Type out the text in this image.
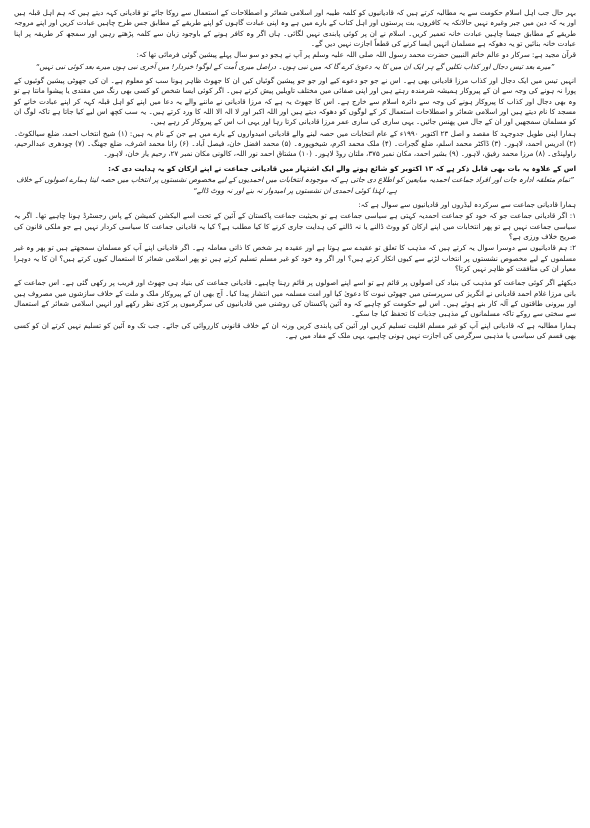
بہر حال جب اہل اسلام حکومت سے یہ مطالبہ کرتے ہیں کہ قادیانیوں کو کلمہ طیبہ اور اسلامی شعائر و اصطلاحات کے استعمال سے روکا جائے تو قادیانی کہہ دیتے ہیں کہ ہم اہل قبلہ ہیں اور یہ کہ دین میں جبر وغیرہ نہیں حالانکہ یہ کافروں، بت پرستوں اور اہل کتاب کے بارے میں ہے وہ اپنی عبادت گاہوں کو اپنے طریقے کے مطابق جس طرح چاہیں عبادت کریں اور اپنے مروجہ طریقے کے مطابق جیسا چاہیں عبادت خانہ تعمیر کریں۔ اسلام نے ان پر کوئی پابندی نہیں لگائی۔ ہاں اگر وہ کافر ہونے کے باوجود زبان سے کلمہ پڑھتے رہیں اور سمجھ کر طریقہ پر اپنا عبادت خانہ بنائیں تو یہ دھوکہ ہے مسلمان انہیں ایسا کرنے کی قطعاً اجازت نہیں دیں گے۔

قرآن مجید ہے: سرکار دو عالم خاتم النبیین حضرت محمد رسول اللہ صلی اللہ علیہ وسلم پر آپ نے ہجو دو سو سال پہلے پیشین گوئی فرمائی تھا کہ:

”میرے بعد تیس دجال اور کذاب نکلیں گے ہر ایک ان میں کا یہ دعویٰ کرے گا کہ میں نبی ہوں۔ دراصل میری اُمت کے لوگو! خبردار! میں آخری نبی ہوں میرے بعد کوئی نبی نہیں“

انہیں تیس میں ایک دجال اور کذاب مرزا قادیانی بھی ہے۔ اس نے جو جو دعوے کیے اور جو جو پیشین گوئیاں کیں ان کا جھوٹ ظاہر ہونا سب کو معلوم ہے۔ ان کی جھوٹی پیشین گوئیوں کے پورا نہ ہونے کی وجہ سے ان کے پیروکار ہمیشہ شرمندہ رہتے ہیں اور اپنی صفائی میں مختلف تاویلیں پیش کرتے ہیں۔ اگر کوئی ایسا شخص کو کسی بھی رنگ میں مقتدی یا پیشوا مانتا ہے تو وہ بھی دجال اور کذاب کا پیروکار ہونے کی وجہ سے دائرہ اسلام سے خارج ہے۔ اس کا جھوٹ یہ ہے کہ مرزا قادیانی نے ماننے والے یہ دعا میں اپنے کو اہل قبلہ کہہ کر اپنے عبادت خانے کو مسجد کا نام دیتے ہیں اور اسلامی شعائر و اصطلاحات استعمال کر کے لوگوں کو دھوکہ دیتے ہیں اور اللہ اکبر اور لا الہ الا اللہ کا ورد کرتے ہیں۔ یہ سب کچھ اس لیے کیا جاتا ہے تاکہ لوگ ان کو مسلمان سمجھیں اور ان کے جال میں پھنس جائیں۔ یہی ساری کی ساری عمر مرزا قادیانی کرتا رہا اور یہی اب اس کے پیروکار کر رہے ہیں۔

ہمارا اپنی طویل جدوجہد کا مقصد و اصل ۲۳ اکتوبر ۱۹۹۰ء کے عام انتخابات میں حصہ لینے والے قادیانی امیدواروں کے بارے میں ہے جن کے نام یہ ہیں: (۱) شیخ انتخاب احمد، ضلع سیالکوٹ۔ (۲) ادریس احمد، لاہور۔ (۳) ڈاکٹر محمد اسلم، ضلع گجرات۔ (۴) ملک محمد اکرم، شیخوپورہ۔ (۵) محمد افضل خان، فیصل آباد۔ (۶) رانا محمد اشرف، ضلع جھنگ۔ (۷) چودھری عبدالرحیم، راولپنڈی۔ (۸) مرزا محمد رفیق، لاہور۔ (۹) بشیر احمد، مکان نمبر ۳۷۵، ملتان روڈ لاہور۔ (۱۰) مشتاق احمد نور اللہ، کالونی مکان نمبر ۲۷، رحیم یار خان، لاہور۔

اس کے علاوہ یہ بات بھی قابل ذکر ہے کہ ۱۳ اکتوبر کو شائع ہونے والے ایک اشتہار میں قادیانی جماعت نے اپنے ارکان کو یہ ہدایت دی کہ:

”تمام متعلقہ ادارہ جات اور افراد جماعت احمدیہ مبایعین کو اطلاع دی جاتی ہے کہ موجودہ انتخابات میں احمدیوں کے لیے مخصوص نشستوں پر انتخاب میں حصہ لینا ہمارے اصولوں کے خلاف ہے، لہٰذا کوئی احمدی ان نشستوں پر امیدوار نہ بنے اور نہ ووٹ ڈالے“

ہمارا قادیانی جماعت سے سرکردہ لیڈروں اور قادیانیوں سے سوال ہے کہ:

۱: اگر قادیانی جماعت جو کہ خود کو جماعت احمدیہ کہتی ہے سیاسی جماعت ہے تو بحیثیت جماعت پاکستان کے آئین کے تحت اسے الیکشن کمیشن کے پاس رجسٹرڈ ہونا چاہیے تھا۔ اگر یہ سیاسی جماعت نہیں ہے تو پھر انتخابات میں اپنے ارکان کو ووٹ ڈالنے یا نہ ڈالنے کی ہدایت جاری کرنے کا کیا مطلب ہے؟ کیا یہ قادیانی جماعت کا سیاسی کردار نہیں ہے جو ملکی قانون کی صریح خلاف ورزی ہے؟

۲: ہم قادیانیوں سے دوسرا سوال یہ کرتے ہیں کہ مذہب کا تعلق تو عقیدے سے ہوتا ہے اور عقیدہ ہر شخص کا ذاتی معاملہ ہے۔ اگر قادیانی اپنے آپ کو مسلمان سمجھتے ہیں تو پھر وہ غیر مسلموں کے لیے مخصوص نشستوں پر انتخاب لڑنے سے کیوں انکار کرتے ہیں؟ اور اگر وہ خود کو غیر مسلم تسلیم کرتے ہیں تو پھر اسلامی شعائر کا استعمال کیوں کرتے ہیں؟ ان کا یہ دوہرا معیار ان کی منافقت کو ظاہر نہیں کرتا؟

دیکھئے اگر کوئی جماعت کو مذہب کی بنیاد کی اصولوں پر قائم ہے تو اسے اپنے اصولوں پر قائم رہنا چاہیے۔ قادیانی جماعت کی بنیاد ہی جھوٹ اور فریب پر رکھی گئی ہے۔ اس جماعت کے بانی مرزا غلام احمد قادیانی نے انگریز کی سرپرستی میں جھوٹی نبوت کا دعویٰ کیا اور امت مسلمہ میں انتشار پیدا کیا۔ آج بھی ان کے پیروکار ملک و ملت کے خلاف سازشوں میں مصروف ہیں اور بیرونی طاقتوں کے آلہ کار بنے ہوئے ہیں۔ اس لیے حکومت کو چاہیے کہ وہ آئین پاکستان کی روشنی میں قادیانیوں کی سرگرمیوں پر کڑی نظر رکھے اور انہیں اسلامی شعائر کے استعمال سے سختی سے روکے تاکہ مسلمانوں کے مذہبی جذبات کا تحفظ کیا جا سکے۔

ہمارا مطالبہ ہے کہ قادیانی اپنے آپ کو غیر مسلم اقلیت تسلیم کریں اور آئین کی پابندی کریں ورنہ ان کے خلاف قانونی کارروائی کی جائے۔ جب تک وہ آئین کو تسلیم نہیں کرتے ان کو کسی بھی قسم کی سیاسی یا مذہبی سرگرمی کی اجازت نہیں ہونی چاہیے، یہی ملک کے مفاد میں ہے۔
